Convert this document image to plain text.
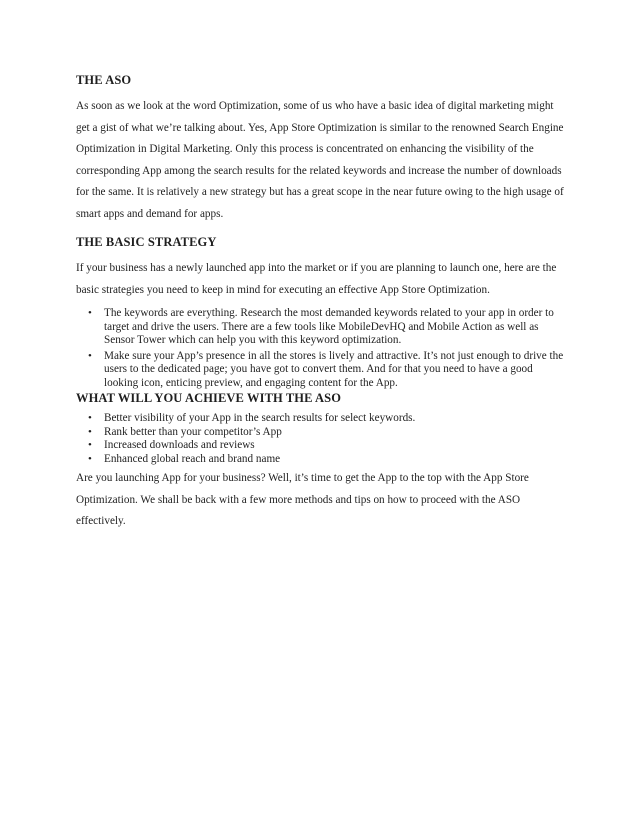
THE ASO

As soon as we look at the word Optimization, some of us who have a basic idea of digital marketing might get a gist of what we’re talking about. Yes, App Store Optimization is similar to the renowned Search Engine Optimization in Digital Marketing. Only this process is concentrated on enhancing the visibility of the corresponding App among the search results for the related keywords and increase the number of downloads for the same. It is relatively a new strategy but has a great scope in the near future owing to the high usage of smart apps and demand for apps.

THE BASIC STRATEGY

If your business has a newly launched app into the market or if you are planning to launch one, here are the basic strategies you need to keep in mind for executing an effective App Store Optimization.

• The keywords are everything. Research the most demanded keywords related to your app in order to target and drive the users. There are a few tools like MobileDevHQ and Mobile Action as well as Sensor Tower which can help you with this keyword optimization.
• Make sure your App’s presence in all the stores is lively and attractive. It’s not just enough to drive the users to the dedicated page; you have got to convert them. And for that you need to have a good looking icon, enticing preview, and engaging content for the App.
WHAT WILL YOU ACHIEVE WITH THE ASO
• Better visibility of your App in the search results for select keywords.
• Rank better than your competitor’s App
• Increased downloads and reviews
• Enhanced global reach and brand name

Are you launching App for your business? Well, it’s time to get the App to the top with the App Store Optimization. We shall be back with a few more methods and tips on how to proceed with the ASO effectively.
